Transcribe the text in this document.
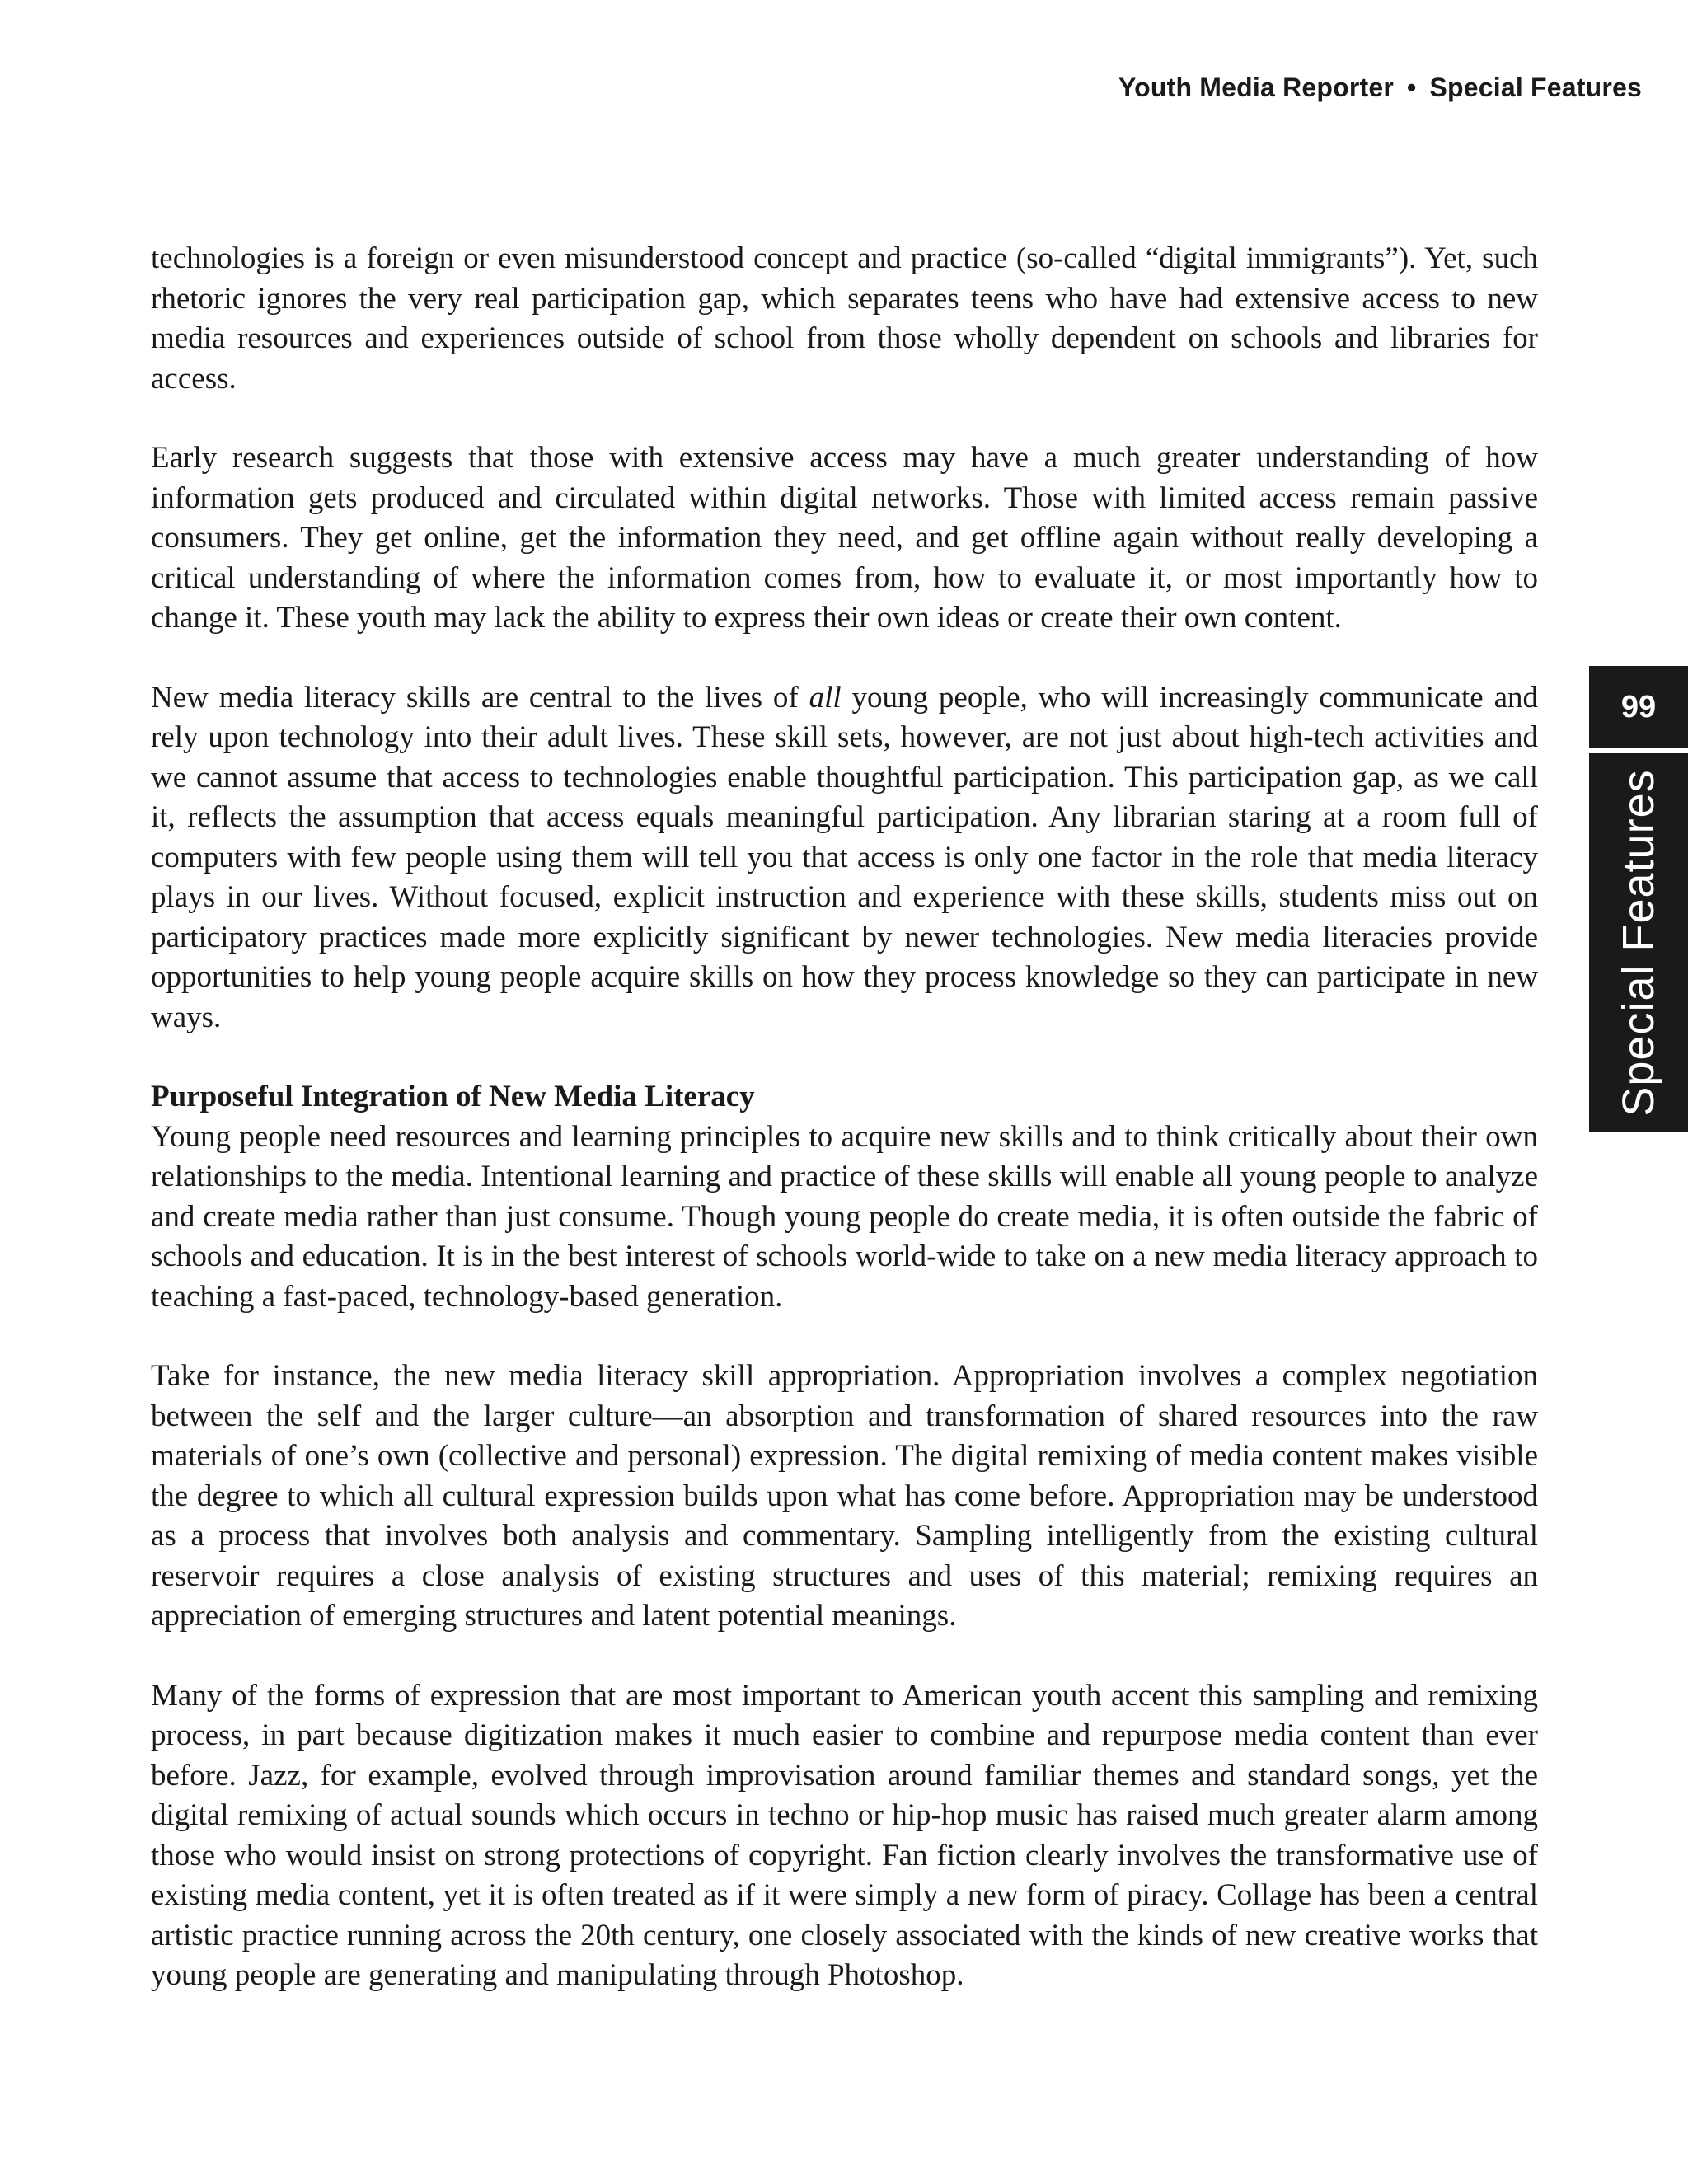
Youth Media Reporter • Special Features

technologies is a foreign or even misunderstood concept and practice (so-called “digital immigrants”). Yet, such rhetoric ignores the very real participation gap, which separates teens who have had extensive access to new media resources and experiences outside of school from those wholly dependent on schools and libraries for access.

Early research suggests that those with extensive access may have a much greater understanding of how information gets produced and circulated within digital networks. Those with limited access remain passive consumers. They get online, get the information they need, and get offline again without really developing a critical understanding of where the information comes from, how to evaluate it, or most importantly how to change it. These youth may lack the ability to express their own ideas or create their own content.

New media literacy skills are central to the lives of all young people, who will increasingly communicate and rely upon technology into their adult lives. These skill sets, however, are not just about high-tech activities and we cannot assume that access to technologies enable thoughtful participation. This participation gap, as we call it, reflects the assumption that access equals meaningful participation. Any librarian staring at a room full of computers with few people using them will tell you that access is only one factor in the role that media literacy plays in our lives. Without focused, explicit instruction and experience with these skills, students miss out on participatory practices made more explicitly significant by newer technologies. New media literacies provide opportunities to help young people acquire skills on how they process knowledge so they can participate in new ways.

Purposeful Integration of New Media Literacy

Young people need resources and learning principles to acquire new skills and to think critically about their own relationships to the media. Intentional learning and practice of these skills will enable all young people to analyze and create media rather than just consume. Though young people do create media, it is often outside the fabric of schools and education. It is in the best interest of schools world-wide to take on a new media literacy approach to teaching a fast-paced, technology-based generation.

Take for instance, the new media literacy skill appropriation. Appropriation involves a complex negotiation between the self and the larger culture—an absorption and transformation of shared resources into the raw materials of one’s own (collective and personal) expression. The digital remixing of media content makes visible the degree to which all cultural expression builds upon what has come before. Appropriation may be understood as a process that involves both analysis and commentary. Sampling intelligently from the existing cultural reservoir requires a close analysis of existing structures and uses of this material; remixing requires an appreciation of emerging structures and latent potential meanings.

Many of the forms of expression that are most important to American youth accent this sampling and remixing process, in part because digitization makes it much easier to combine and repurpose media content than ever before. Jazz, for example, evolved through improvisation around familiar themes and standard songs, yet the digital remixing of actual sounds which occurs in techno or hip-hop music has raised much greater alarm among those who would insist on strong protections of copyright. Fan fiction clearly involves the transformative use of existing media content, yet it is often treated as if it were simply a new form of piracy. Collage has been a central artistic practice running across the 20th century, one closely associated with the kinds of new creative works that young people are generating and manipulating through Photoshop.

99
Special Features
